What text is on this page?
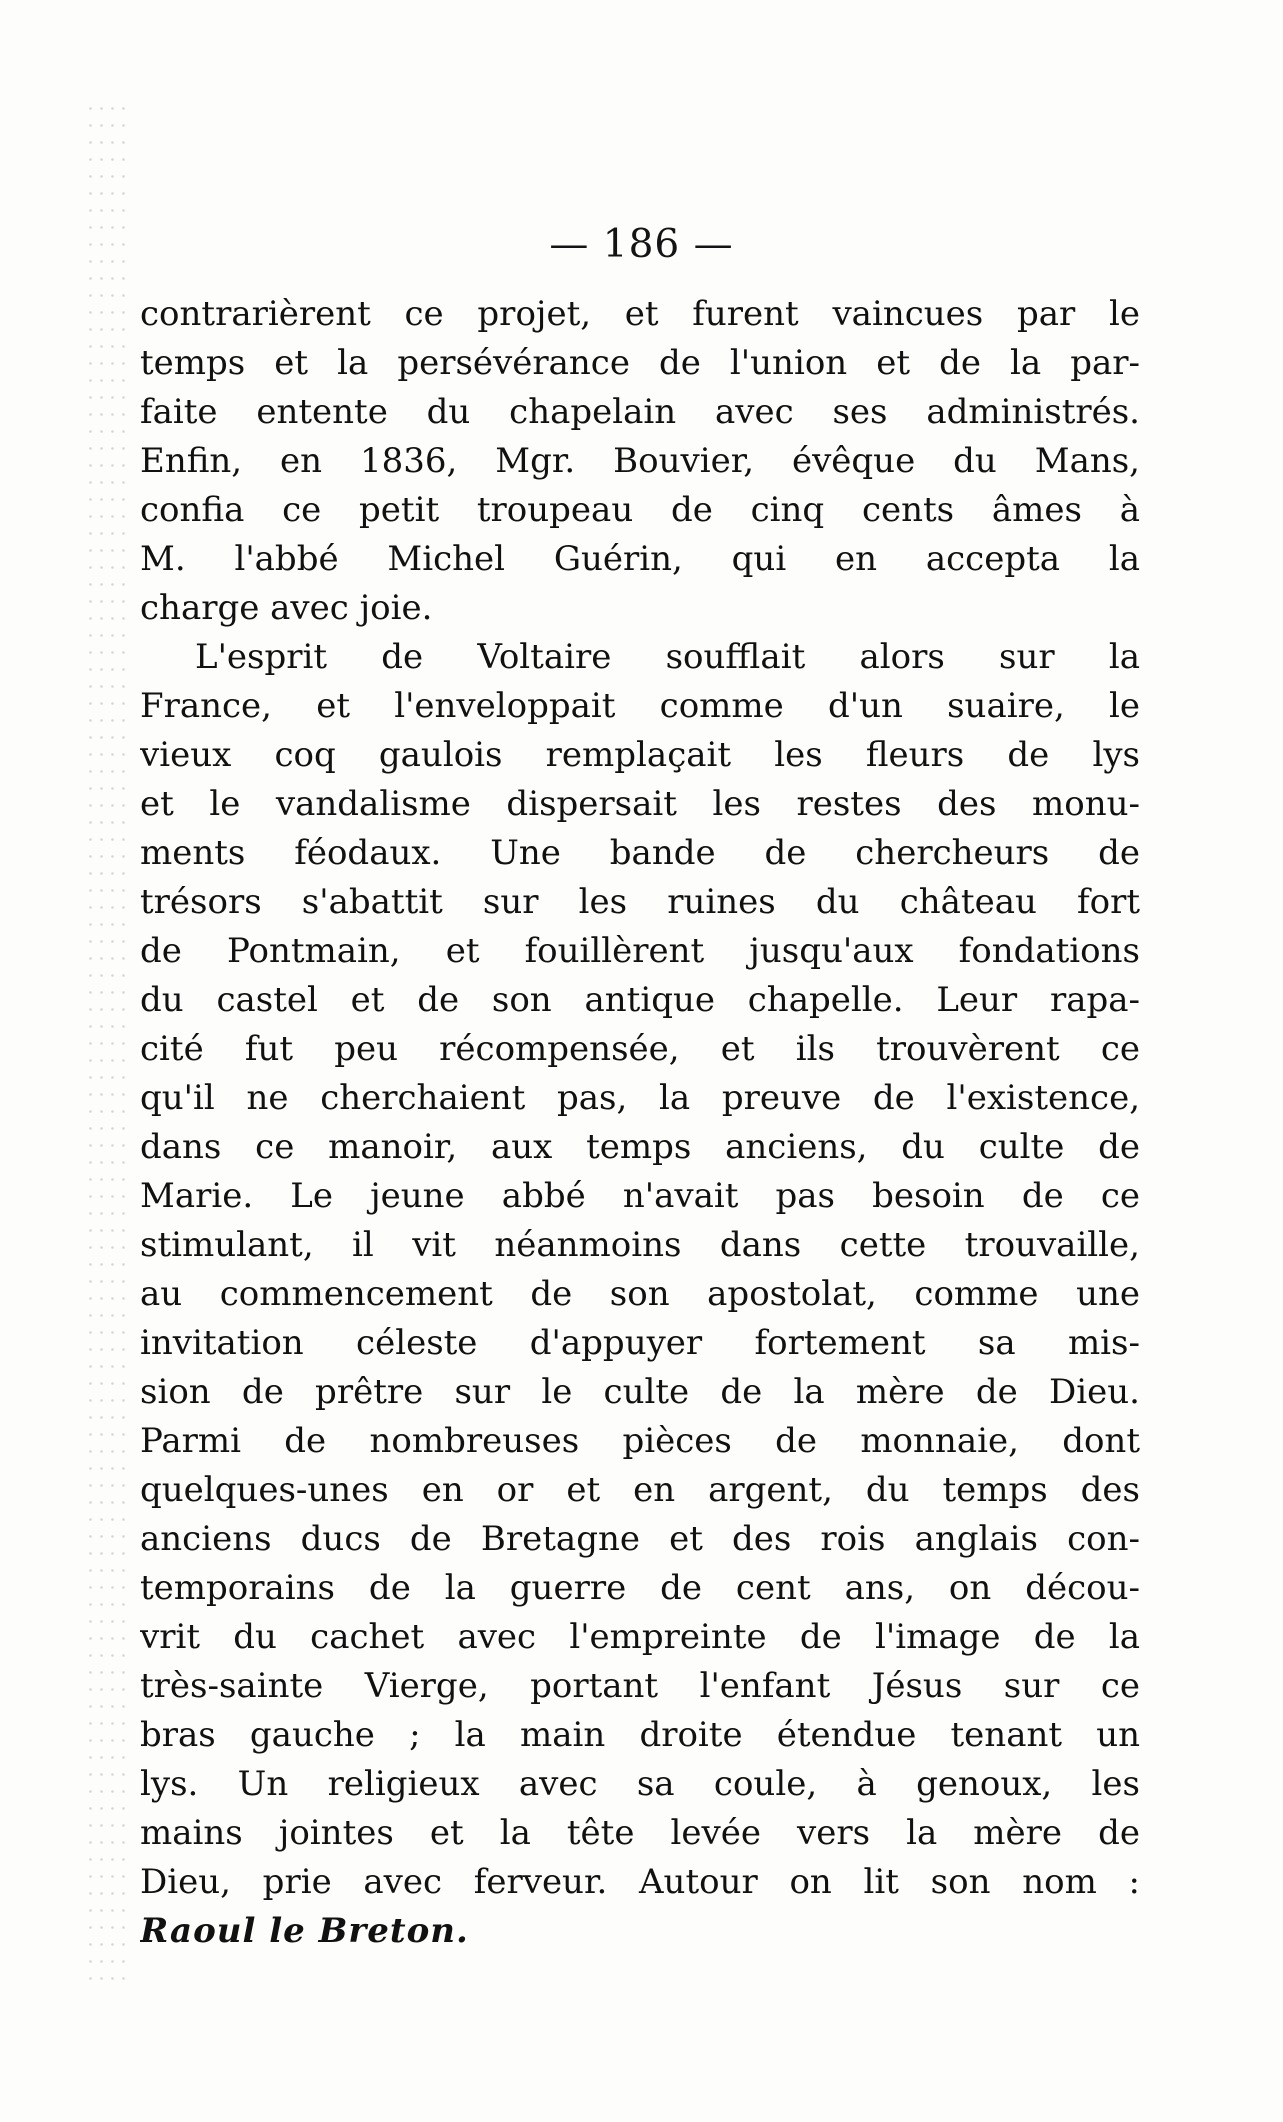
— 186 —
contrarièrent ce projet, et furent vaincues par le
temps et la persévérance de l'union et de la par-
faite entente du chapelain avec ses administrés.
Enfin, en 1836, Mgr. Bouvier, évêque du Mans,
confia ce petit troupeau de cinq cents âmes à
M. l'abbé Michel Guérin, qui en accepta la
charge avec joie.
L'esprit de Voltaire soufflait alors sur la
France, et l'enveloppait comme d'un suaire, le
vieux coq gaulois remplaçait les fleurs de lys
et le vandalisme dispersait les restes des monu-
ments féodaux. Une bande de chercheurs de
trésors s'abattit sur les ruines du château fort
de Pontmain, et fouillèrent jusqu'aux fondations
du castel et de son antique chapelle. Leur rapa-
cité fut peu récompensée, et ils trouvèrent ce
qu'il ne cherchaient pas, la preuve de l'existence,
dans ce manoir, aux temps anciens, du culte de
Marie. Le jeune abbé n'avait pas besoin de ce
stimulant, il vit néanmoins dans cette trouvaille,
au commencement de son apostolat, comme une
invitation céleste d'appuyer fortement sa mis-
sion de prêtre sur le culte de la mère de Dieu.
Parmi de nombreuses pièces de monnaie, dont
quelques-unes en or et en argent, du temps des
anciens ducs de Bretagne et des rois anglais con-
temporains de la guerre de cent ans, on décou-
vrit du cachet avec l'empreinte de l'image de la
très-sainte Vierge, portant l'enfant Jésus sur ce
bras gauche ; la main droite étendue tenant un
lys. Un religieux avec sa coule, à genoux, les
mains jointes et la tête levée vers la mère de
Dieu, prie avec ferveur. Autour on lit son nom :
Raoul le Breton.
